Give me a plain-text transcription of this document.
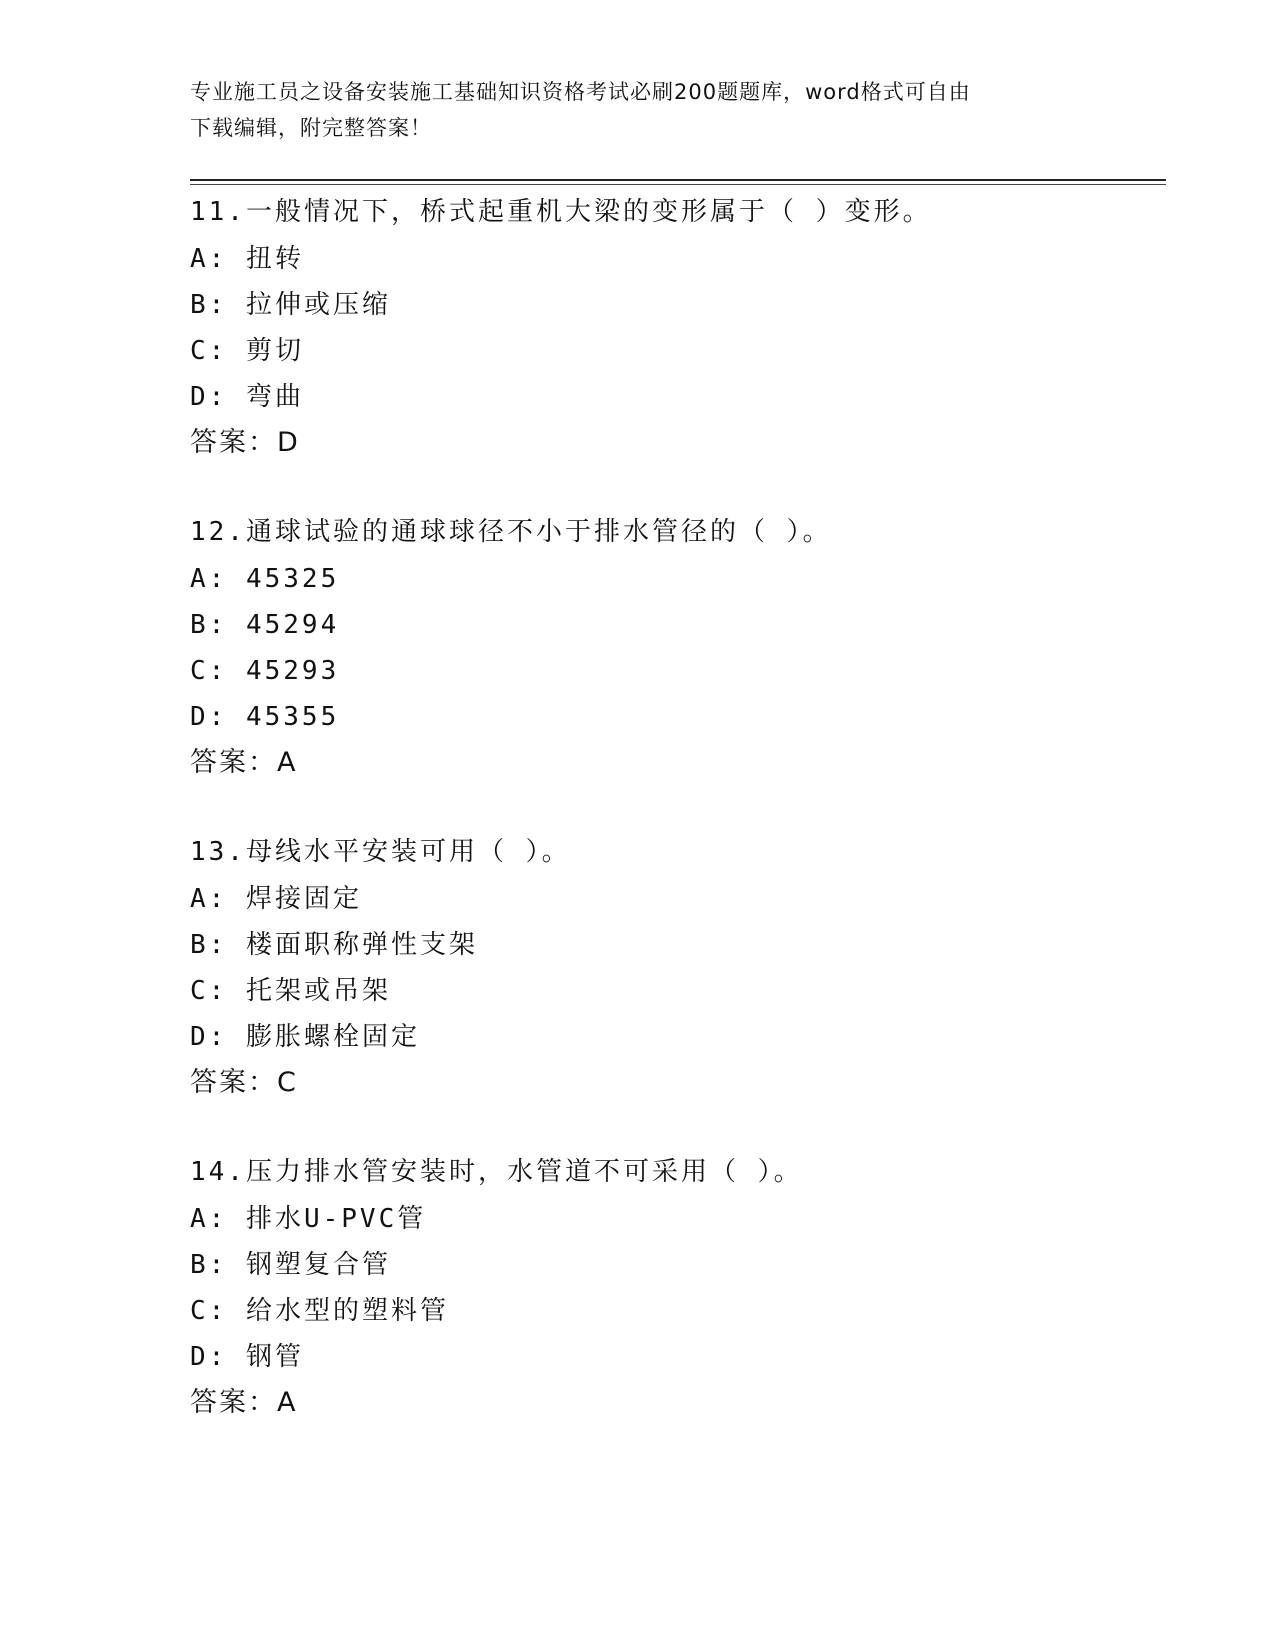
专业施工员之设备安装施工基础知识资格考试必刷200题题库，word格式可自由
下载编辑，附完整答案！
11.一般情况下，桥式起重机大梁的变形属于（ ）变形。
A: 扭转
B: 拉伸或压缩
C: 剪切
D: 弯曲
答案：D
12.通球试验的通球球径不小于排水管径的（ ）。
A: 45325
B: 45294
C: 45293
D: 45355
答案：A
13.母线水平安装可用（ ）。
A: 焊接固定
B: 楼面职称弹性支架
C: 托架或吊架
D: 膨胀螺栓固定
答案：C
14.压力排水管安装时，水管道不可采用（ ）。
A: 排水U-PVC管
B: 钢塑复合管
C: 给水型的塑料管
D: 钢管
答案：A
